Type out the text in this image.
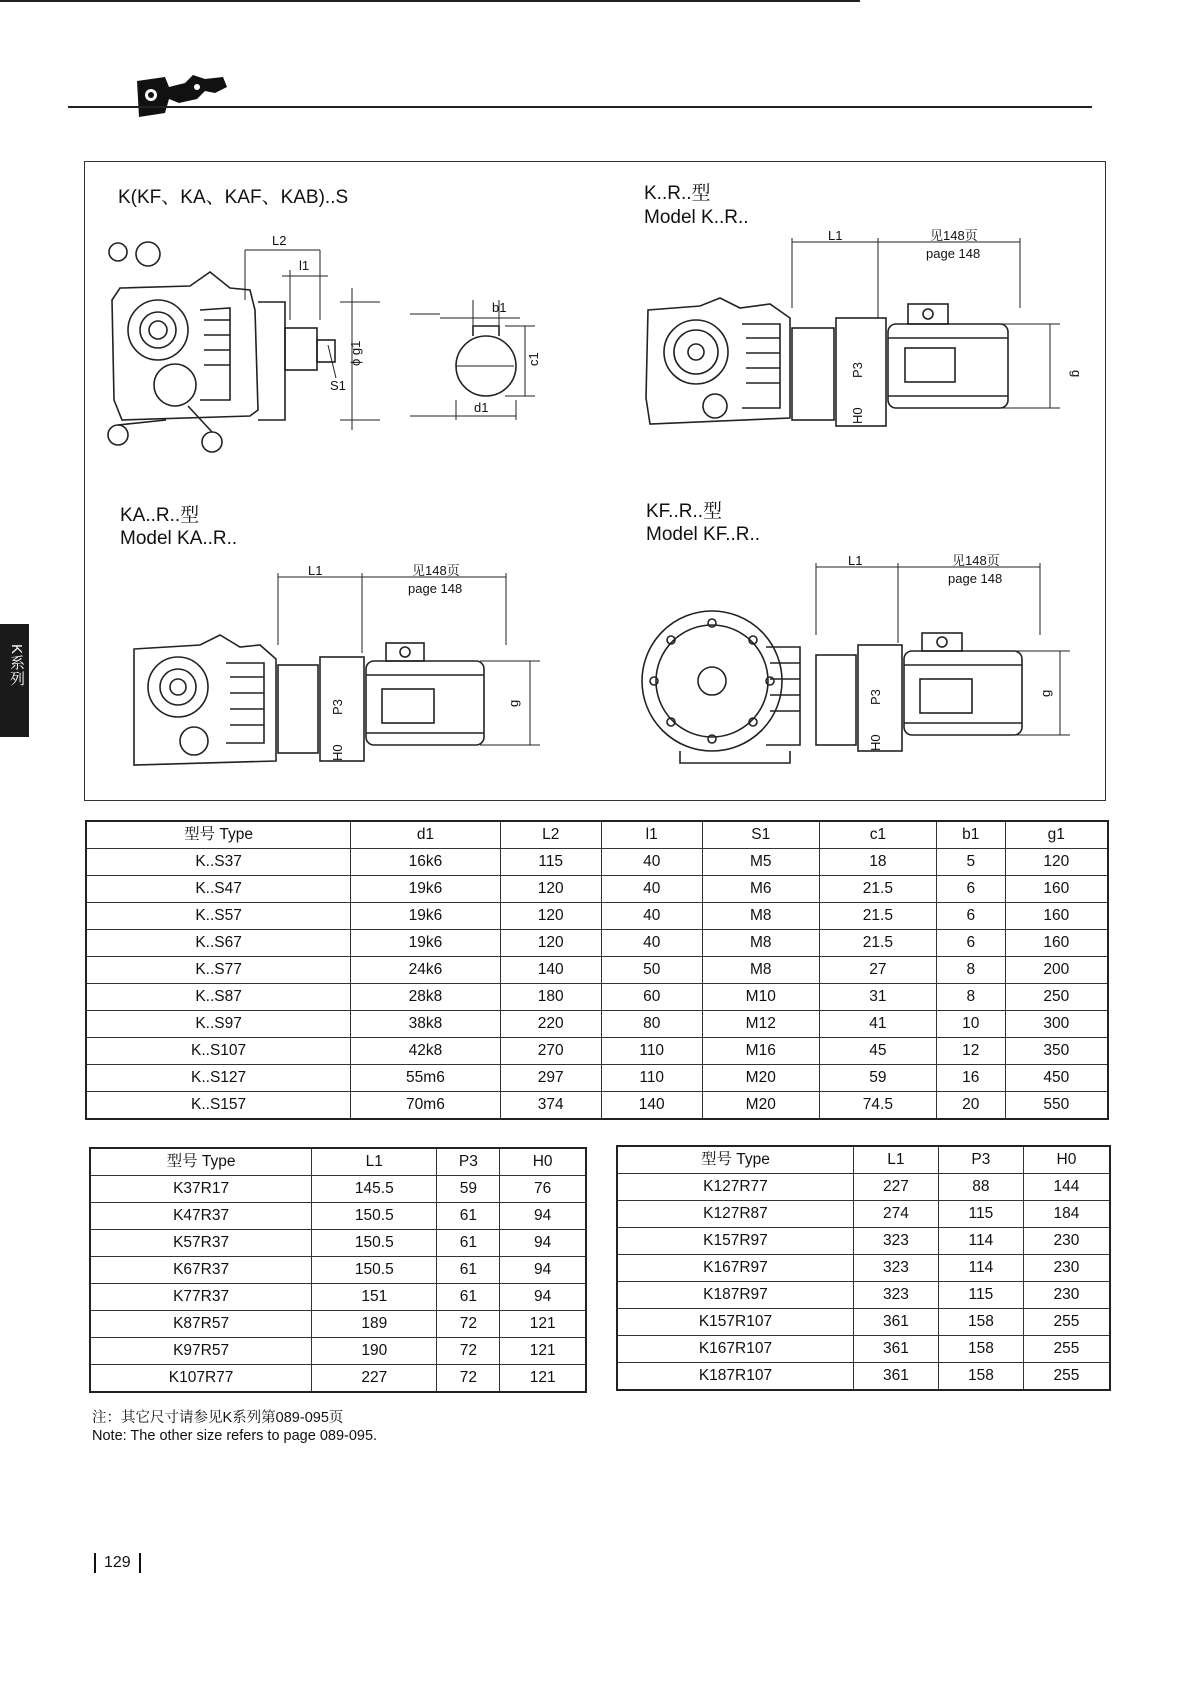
K系列
K(KF、KA、KAF、KAB)..S	K..R..型
Model K..R..
KA..R..型
Model KA..R..
KF..R..型
Model KF..R..
L2
l1
ϕ g1
S1
b1
c1
d1
L1	见148页
page 148
P3
H0
g
L1	见148页
page 148
P3
H0
g
L1	见148页
page 148
P3
H0
g
型号 Type	d1	L2	l1	S1	c1	b1	g1
K..S37	16k6	115	40	M5	18	5	120
K..S47	19k6	120	40	M6	21.5	6	160
K..S57	19k6	120	40	M8	21.5	6	160
K..S67	19k6	120	40	M8	21.5	6	160
K..S77	24k6	140	50	M8	27	8	200
K..S87	28k8	180	60	M10	31	8	250
K..S97	38k8	220	80	M12	41	10	300
K..S107	42k8	270	110	M16	45	12	350
K..S127	55m6	297	110	M20	59	16	450
K..S157	70m6	374	140	M20	74.5	20	550
型号 Type	L1	P3	H0
K37R17	145.5	59	76
K47R37	150.5	61	94
K57R37	150.5	61	94
K67R37	150.5	61	94
K77R37	151	61	94
K87R57	189	72	121
K97R57	190	72	121
K107R77	227	72	121
型号 Type	L1	P3	H0
K127R77	227	88	144
K127R87	274	115	184
K157R97	323	114	230
K167R97	323	114	230
K187R97	323	115	230
K157R107	361	158	255
K167R107	361	158	255
K187R107	361	158	255
注：其它尺寸请参见K系列第089-095页
Note: The other size refers to page 089-095.
129
